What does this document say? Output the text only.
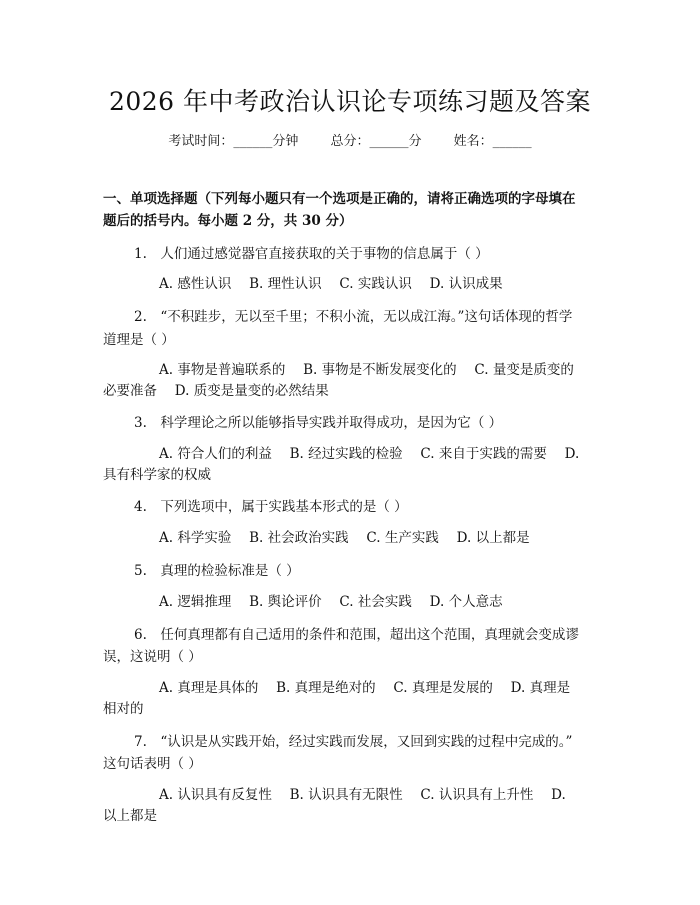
2026 年中考政治认识论专项练习题及答案
考试时间：______分钟 总分：______分 姓名：______
一、单项选择题（下列每小题只有一个选项是正确的，请将正确选项的字母填在
题后的括号内。每小题 2 分，共 30 分）
1.　人们通过感觉器官直接获取的关于事物的信息属于（ ）
A. 感性认识　 B. 理性认识　 C. 实践认识　 D. 认识成果
2.　“不积跬步，无以至千里；不积小流，无以成江海。”这句话体现的哲学
道理是（ ）
A. 事物是普遍联系的　 B. 事物是不断发展变化的　 C. 量变是质变的
必要准备　 D. 质变是量变的必然结果
3.　科学理论之所以能够指导实践并取得成功，是因为它（ ）
A. 符合人们的利益　 B. 经过实践的检验　 C. 来自于实践的需要　 D.
具有科学家的权威
4.　下列选项中，属于实践基本形式的是（ ）
A. 科学实验　 B. 社会政治实践　 C. 生产实践　 D. 以上都是
5.　真理的检验标准是（ ）
A. 逻辑推理　 B. 舆论评价　 C. 社会实践　 D. 个人意志
6.　任何真理都有自己适用的条件和范围，超出这个范围，真理就会变成谬
误，这说明（ ）
A. 真理是具体的　 B. 真理是绝对的　 C. 真理是发展的　 D. 真理是
相对的
7.　“认识是从实践开始，经过实践而发展，又回到实践的过程中完成的。”
这句话表明（ ）
A. 认识具有反复性　 B. 认识具有无限性　 C. 认识具有上升性　 D.
以上都是
